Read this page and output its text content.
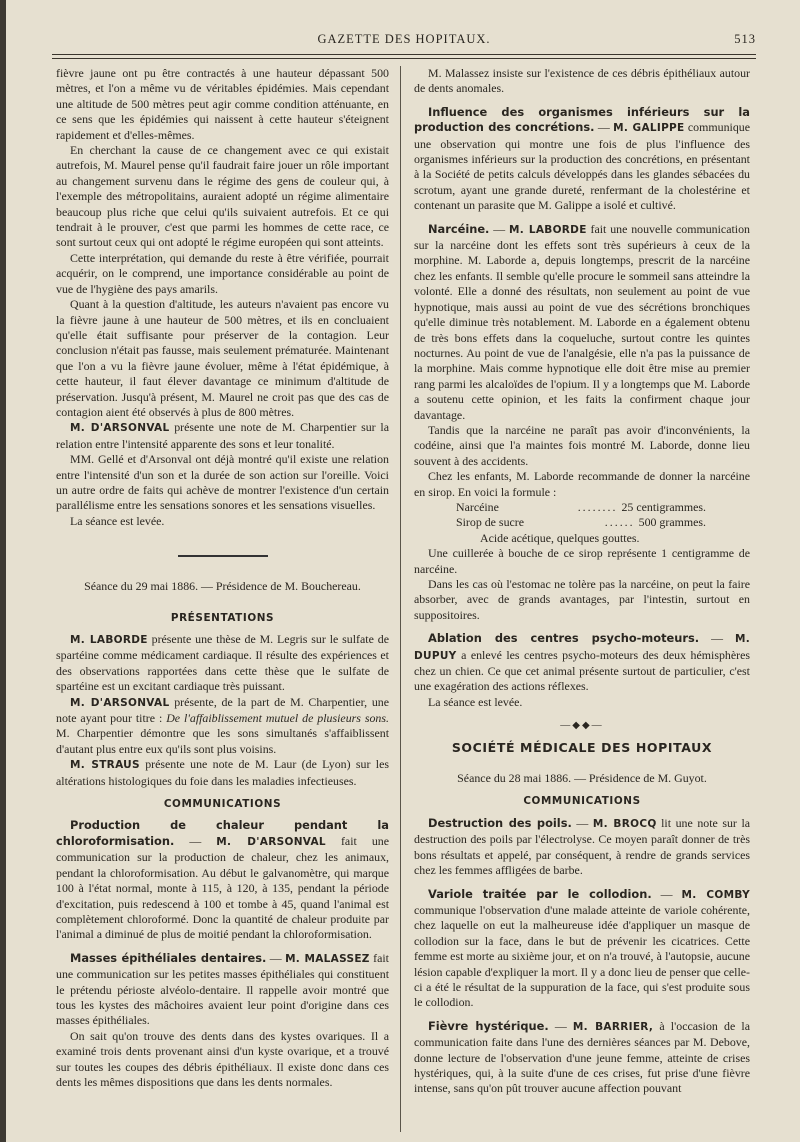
GAZETTE DES HOPITAUX.	513

fièvre jaune ont pu être contractés à une hauteur dépassant 500 mètres, et l'on a même vu de véritables épidémies. Mais cependant une altitude de 500 mètres peut agir comme condition atténuante, en ce sens que les épidémies qui naissent à cette hauteur s'éteignent rapidement et d'elles-mêmes.

En cherchant la cause de ce changement avec ce qui existait autrefois, M. Maurel pense qu'il faudrait faire jouer un rôle important au changement survenu dans le régime des gens de couleur qui, à l'exemple des métropolitains, auraient adopté un régime alimentaire beaucoup plus riche que celui qu'ils suivaient autrefois. Et ce qui tendrait à le prouver, c'est que parmi les hommes de cette race, ce sont surtout ceux qui ont adopté le régime européen qui sont atteints.

Cette interprétation, qui demande du reste à être vérifiée, pourrait acquérir, on le comprend, une importance considérable au point de vue de l'hygiène des pays amarils.

Quant à la question d'altitude, les auteurs n'avaient pas encore vu la fièvre jaune à une hauteur de 500 mètres, et ils en concluaient qu'elle était suffisante pour préserver de la contagion. Leur conclusion n'était pas fausse, mais seulement prématurée. Maintenant que l'on a vu la fièvre jaune évoluer, même à l'état épidémique, à cette hauteur, il faut élever davantage ce minimum d'altitude de préservation. Jusqu'à présent, M. Maurel ne croit pas que des cas de contagion aient été observés à plus de 800 mètres.

M. D'ARSONVAL présente une note de M. Charpentier sur la relation entre l'intensité apparente des sons et leur tonalité.

MM. Gellé et d'Arsonval ont déjà montré qu'il existe une relation entre l'intensité d'un son et la durée de son action sur l'oreille. Voici un autre ordre de faits qui achève de montrer l'existence d'un certain parallélisme entre les sensations sonores et les sensations visuelles.

La séance est levée.

Séance du 29 mai 1886. — Présidence de M. Bouchereau.

PRÉSENTATIONS

M. LABORDE présente une thèse de M. Legris sur le sulfate de spartéine comme médicament cardiaque. Il résulte des expériences et des observations rapportées dans cette thèse que le sulfate de spartéine est un excitant cardiaque très puissant.

M. D'ARSONVAL présente, de la part de M. Charpentier, une note ayant pour titre : De l'affaiblissement mutuel de plusieurs sons. M. Charpentier démontre que les sons simultanés s'affaiblissent d'autant plus entre eux qu'ils sont plus voisins.

M. STRAUS présente une note de M. Laur (de Lyon) sur les altérations histologiques du foie dans les maladies infectieuses.

COMMUNICATIONS

Production de chaleur pendant la chloroformisation. — M. D'ARSONVAL fait une communication sur la production de chaleur, chez les animaux, pendant la chloroformisation. Au début le galvanomètre, qui marque 100 à l'état normal, monte à 115, à 120, à 135, pendant la période d'excitation, puis redescend à 100 et tombe à 45, quand l'animal est complètement chloroformé. Donc la quantité de chaleur produite par l'animal a diminué de plus de moitié pendant la chloroformisation.

Masses épithéliales dentaires. — M. MALASSEZ fait une communication sur les petites masses épithéliales qui constituent le prétendu périoste alvéolo-dentaire. Il rappelle avoir montré que tous les kystes des mâchoires avaient leur point d'origine dans ces masses épithéliales.

On sait qu'on trouve des dents dans des kystes ovariques. Il a examiné trois dents provenant ainsi d'un kyste ovarique, et a trouvé sur toutes les coupes des débris épithéliaux. Il existe donc dans ces dents les mêmes dispositions que dans les dents normales.

M. Malassez insiste sur l'existence de ces débris épithéliaux autour de dents anomales.

Influence des organismes inférieurs sur la production des concrétions. — M. GALIPPE communique une observation qui montre une fois de plus l'influence des organismes inférieurs sur la production des concrétions, en présentant à la Société de petits calculs développés dans les glandes sébacées du scrotum, ayant une grande dureté, renfermant de la cholestérine et contenant un parasite que M. Galippe a isolé et cultivé.

Narcéine. — M. LABORDE fait une nouvelle communication sur la narcéine dont les effets sont très supérieurs à ceux de la morphine. M. Laborde a, depuis longtemps, prescrit de la narcéine chez les enfants. Il semble qu'elle procure le sommeil sans atteindre la volonté. Elle a donné des résultats, non seulement au point de vue hypnotique, mais aussi au point de vue des sécrétions bronchiques qu'elle diminue très notablement. M. Laborde en a également obtenu de très bons effets dans la coqueluche, surtout contre les quintes nocturnes. Au point de vue de l'analgésie, elle n'a pas la puissance de la morphine. Mais comme hypnotique elle doit être mise au premier rang parmi les alcaloïdes de l'opium. Il y a longtemps que M. Laborde a soutenu cette opinion, et les faits la confirment chaque jour davantage.

Tandis que la narcéine ne paraît pas avoir d'inconvénients, la codéine, ainsi que l'a maintes fois montré M. Laborde, donne lieu souvent à des accidents.

Chez les enfants, M. Laborde recommande de donner la narcéine en sirop. En voici la formule :

Narcéine	........ 25 centigrammes.
Sirop de sucre	...... 500 grammes.
Acide acétique, quelques gouttes.

Une cuillerée à bouche de ce sirop représente 1 centigramme de narcéine.

Dans les cas où l'estomac ne tolère pas la narcéine, on peut la faire absorber, avec de grands avantages, par l'intestin, surtout en suppositoires.

Ablation des centres psycho-moteurs. — M. DUPUY a enlevé les centres psycho-moteurs des deux hémisphères chez un chien. Ce que cet animal présente surtout de particulier, c'est une exagération des actions réflexes.

La séance est levée.

—◆◆—
SOCIÉTÉ MÉDICALE DES HOPITAUX

Séance du 28 mai 1886. — Présidence de M. Guyot.

COMMUNICATIONS

Destruction des poils. — M. BROCQ lit une note sur la destruction des poils par l'électrolyse. Ce moyen paraît donner de très bons résultats et appelé, par conséquent, à rendre de grands services chez les femmes affligées de barbe.

Variole traitée par le collodion. — M. COMBY communique l'observation d'une malade atteinte de variole cohérente, chez laquelle on eut la malheureuse idée d'appliquer un masque de collodion sur la face, dans le but de prévenir les cicatrices. Cette femme est morte au sixième jour, et on n'a trouvé, à l'autopsie, aucune lésion capable d'expliquer la mort. Il y a donc lieu de penser que celle-ci a été le résultat de la suppuration de la face, qui s'est produite sous le collodion.

Fièvre hystérique. — M. BARRIER, à l'occasion de la communication faite dans l'une des dernières séances par M. Debove, donne lecture de l'observation d'une jeune femme, atteinte de crises hystériques, qui, à la suite d'une de ces crises, fut prise d'une fièvre intense, sans qu'on pût trouver aucune affection pouvant
